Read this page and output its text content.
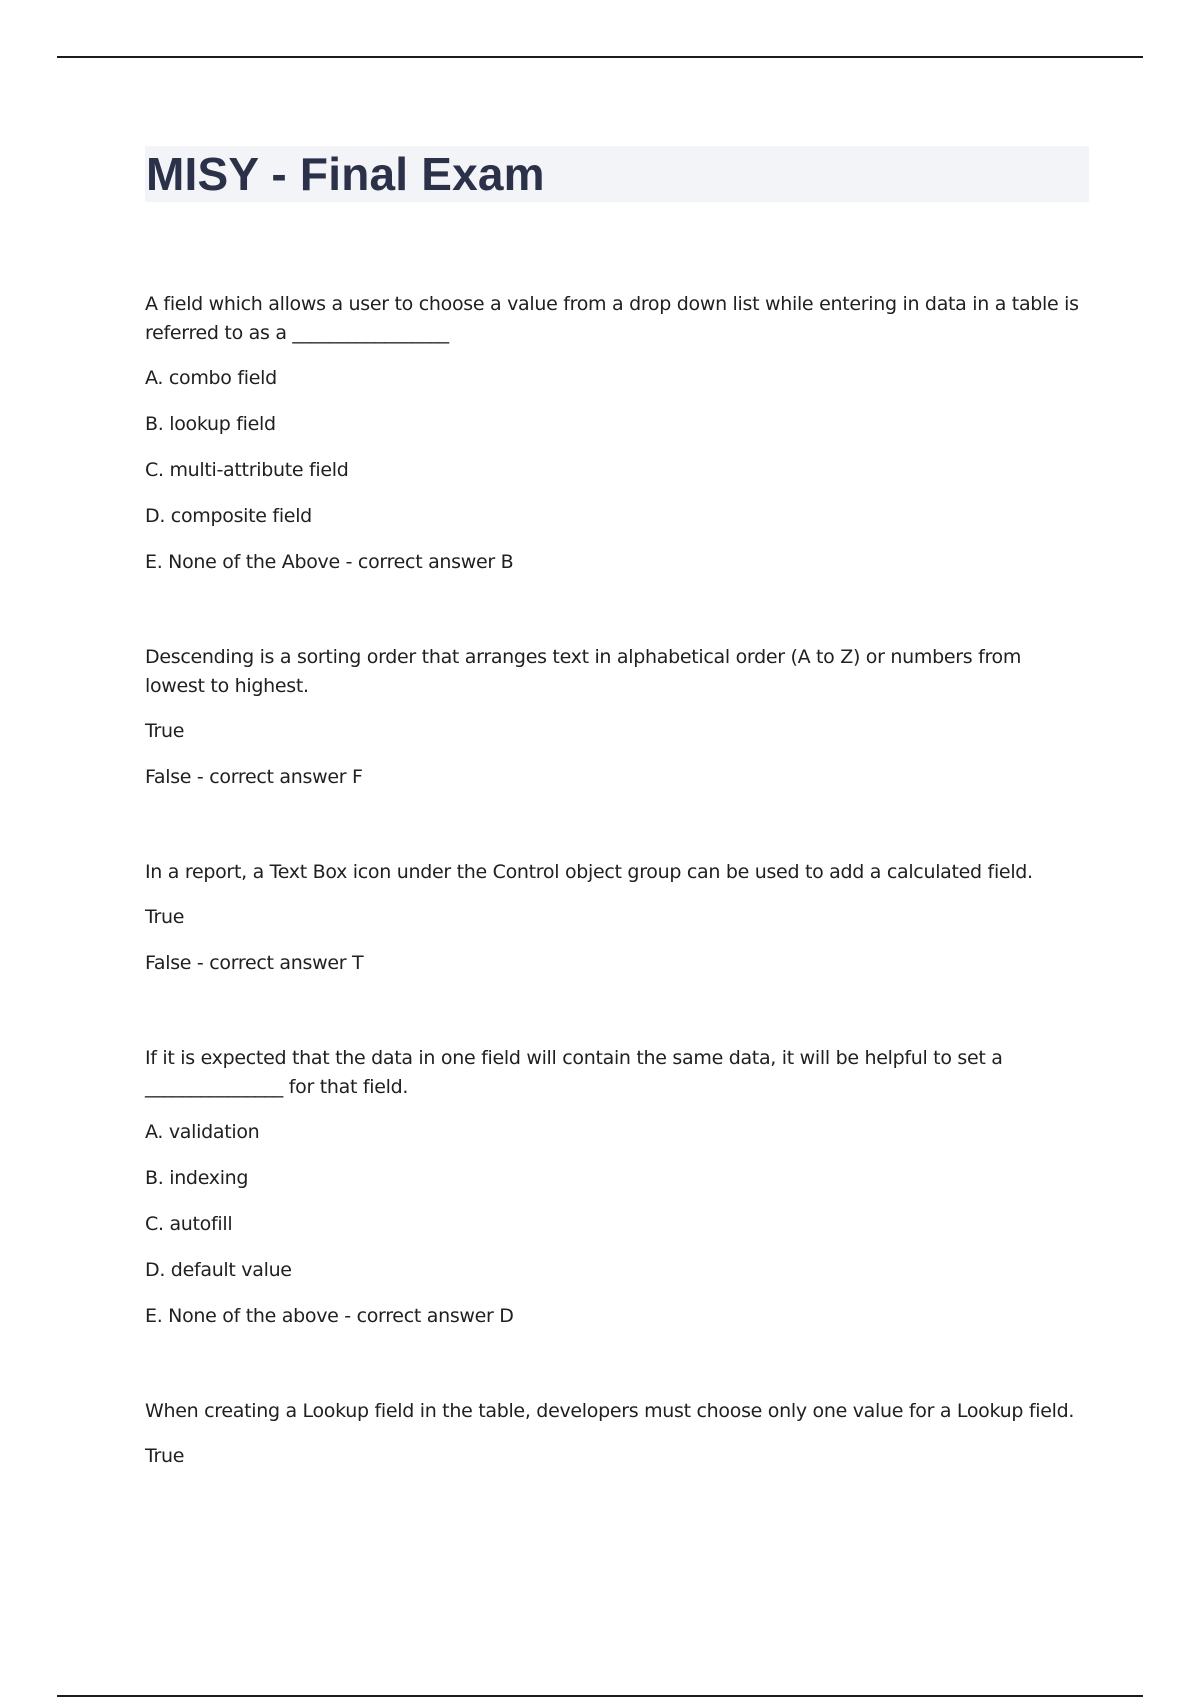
MISY - Final Exam

A field which allows a user to choose a value from a drop down list while entering in data in a table is referred to as a _________________

A. combo field

B. lookup field

C. multi-attribute field

D. composite field

E. None of the Above - correct answer B

Descending is a sorting order that arranges text in alphabetical order (A to Z) or numbers from lowest to highest.

True

False - correct answer F

In a report, a Text Box icon under the Control object group can be used to add a calculated field.

True

False - correct answer T

If it is expected that the data in one field will contain the same data, it will be helpful to set a _______________ for that field.

A. validation

B. indexing

C. autofill

D. default value

E. None of the above - correct answer D

When creating a Lookup field in the table, developers must choose only one value for a Lookup field.

True
